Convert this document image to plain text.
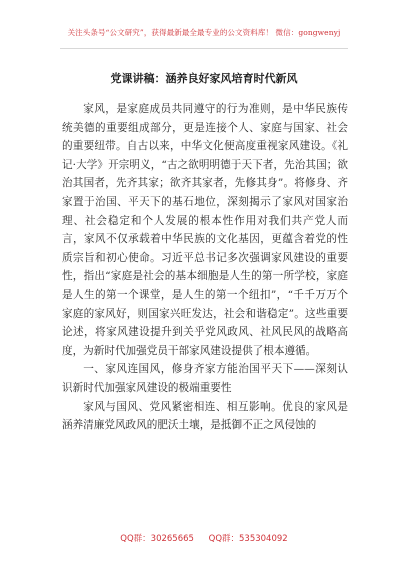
关注头条号“公文研究”，获得最新最全最专业的公文资料库！ 微信：gongwenyj
党课讲稿：涵养良好家风培育时代新风

家风，是家庭成员共同遵守的行为准则，是中华民族传统美德的重要组成部分，更是连接个人、家庭与国家、社会的重要纽带。自古以来，中华文化便高度重视家风建设。《礼记·大学》开宗明义，“古之欲明明德于天下者，先治其国；欲治其国者，先齐其家；欲齐其家者，先修其身”。将修身、齐家置于治国、平天下的基石地位，深刻揭示了家风对国家治理、社会稳定和个人发展的根本性作用对我们共产党人而言，家风不仅承载着中华民族的文化基因，更蕴含着党的性质宗旨和初心使命。习近平总书记多次强调家风建设的重要性，指出“家庭是社会的基本细胞是人生的第一所学校，家庭是人生的第一个课堂，是人生的第一个纽扣”，“千千万万个家庭的家风好，则国家兴旺发达，社会和谐稳定”。这些重要论述，将家风建设提升到关乎党风政风、社风民风的战略高度，为新时代加强党员干部家风建设提供了根本遵循。

一、家风连国风，修身齐家方能治国平天下——深刻认识新时代加强家风建设的极端重要性

家风与国风、党风紧密相连、相互影响。优良的家风是涵养清廉党风政风的肥沃土壤，是抵御不正之风侵蚀的

QQ群：30265665 QQ群：535304092
